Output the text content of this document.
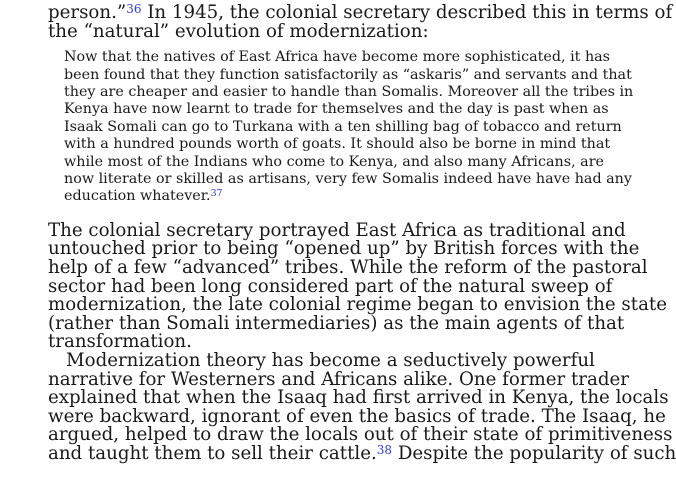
person.”$^{36}$ In 1945, the colonial secretary described this in terms of
the “natural” evolution of modernization:
Now that the natives of East Africa have become more sophisticated, it has
been found that they function satisfactorily as “askaris” and servants and that
they are cheaper and easier to handle than Somalis. Moreover all the tribes in
Kenya have now learnt to trade for themselves and the day is past when as
Isaak Somali can go to Turkana with a ten shilling bag of tobacco and return
with a hundred pounds worth of goats. It should also be borne in mind that
while most of the Indians who come to Kenya, and also many Africans, are
now literate or skilled as artisans, very few Somalis indeed have have had any
education whatever.$^{37}$
The colonial secretary portrayed East Africa as traditional and
untouched prior to being “opened up” by British forces with the
help of a few “advanced” tribes. While the reform of the pastoral
sector had been long considered part of the natural sweep of
modernization, the late colonial regime began to envision the state
(rather than Somali intermediaries) as the main agents of that
transformation.
Modernization theory has become a seductively powerful
narrative for Westerners and Africans alike. One former trader
explained that when the Isaaq had first arrived in Kenya, the locals
were backward, ignorant of even the basics of trade. The Isaaq, he
argued, helped to draw the locals out of their state of primitiveness
and taught them to sell their cattle.$^{38}$ Despite the popularity of such
